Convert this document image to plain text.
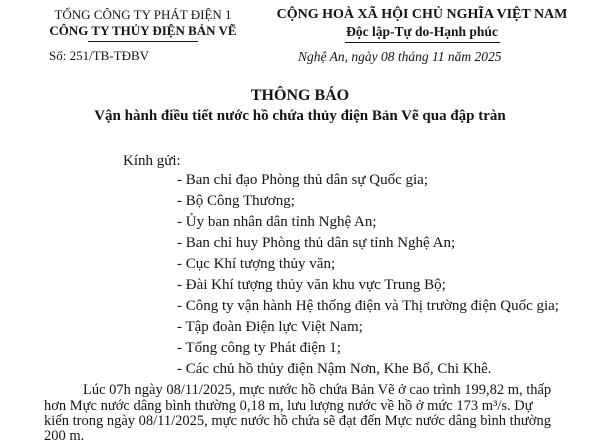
TỔNG CÔNG TY PHÁT ĐIỆN 1
CÔNG TY THỦY ĐIỆN BẢN VẼ
Số: 251/TB-TĐBV
CỘNG HOÀ XÃ HỘI CHỦ NGHĨA VIỆT NAM
Độc lập-Tự do-Hạnh phúc
Nghệ An, ngày 08 tháng 11 năm 2025
THÔNG BÁO
Vận hành điều tiết nước hồ chứa thủy điện Bản Vẽ qua đập tràn
Kính gửi:
- Ban chỉ đạo Phòng thủ dân sự Quốc gia;
- Bộ Công Thương;
- Ủy ban nhân dân tỉnh Nghệ An;
- Ban chỉ huy Phòng thủ dân sự tỉnh Nghệ An;
- Cục Khí tượng thủy văn;
- Đài Khí tượng thủy văn khu vực Trung Bộ;
- Công ty vận hành Hệ thống điện và Thị trường điện Quốc gia;
- Tập đoàn Điện lực Việt Nam;
- Tổng công ty Phát điện 1;
- Các chủ hồ thủy điện Nậm Nơn, Khe Bố, Chi Khê.
Lúc 07h ngày 08/11/2025, mực nước hồ chứa Bản Vẽ ở cao trình 199,82 m, thấp
hơn Mực nước dâng bình thường 0,18 m, lưu lượng nước về hồ ở mức 173 m³/s. Dự
kiến trong ngày 08/11/2025, mực nước hồ chứa sẽ đạt đến Mực nước dâng bình thường
200 m.
